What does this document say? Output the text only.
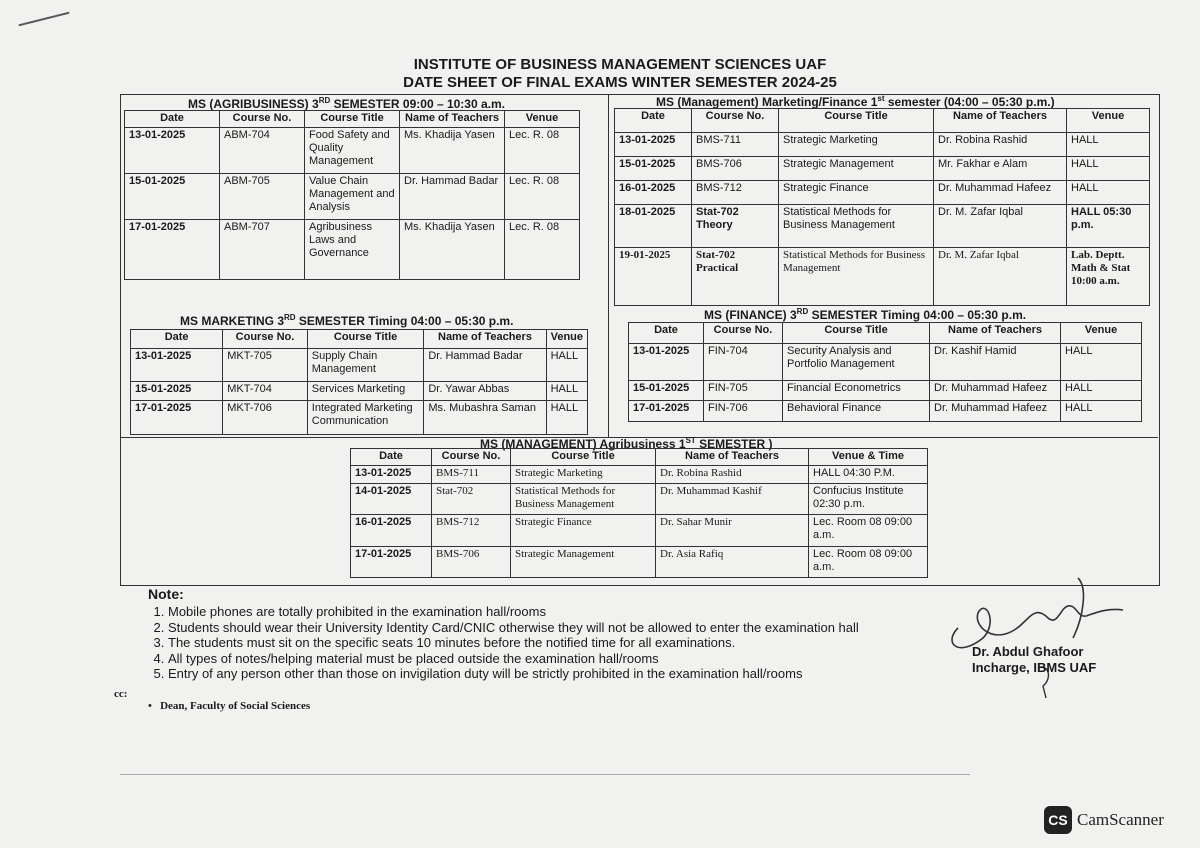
INSTITUTE OF BUSINESS MANAGEMENT SCIENCES UAF
DATE SHEET OF FINAL EXAMS WINTER SEMESTER 2024-25
MS (AGRIBUSINESS) 3RD SEMESTER 09:00 – 10:30 a.m.	MS (Management) Marketing/Finance 1st semester (04:00 – 05:30 p.m.)
MS MARKETING 3RD SEMESTER Timing 04:00 – 05:30 p.m.	MS (FINANCE) 3RD SEMESTER Timing 04:00 – 05:30 p.m.
MS (MANAGEMENT) Agribusiness 1ST SEMESTER )
Date	Course No.	Course Title	Name of Teachers	Venue
13-01-2025	ABM-704	Food Safety and Quality Management	Ms. Khadija Yasen	Lec. R. 08
15-01-2025	ABM-705	Value Chain Management and Analysis	Dr. Hammad Badar	Lec. R. 08
17-01-2025	ABM-707	Agribusiness Laws and Governance	Ms. Khadija Yasen	Lec. R. 08
Date	Course No.	Course Title	Name of Teachers	Venue
13-01-2025	BMS-711	Strategic Marketing	Dr. Robina Rashid	HALL
15-01-2025	BMS-706	Strategic Management	Mr. Fakhar e Alam	HALL
16-01-2025	BMS-712	Strategic Finance	Dr. Muhammad Hafeez	HALL
18-01-2025	Stat-702 Theory	Statistical Methods for Business Management	Dr. M. Zafar Iqbal	HALL 05:30 p.m.
19-01-2025	Stat-702 Practical	Statistical Methods for Business Management	Dr. M. Zafar Iqbal	Lab. Deptt. Math & Stat 10:00 a.m.
Date	Course No.	Course Title	Name of Teachers	Venue
13-01-2025	MKT-705	Supply Chain Management	Dr. Hammad Badar	HALL
15-01-2025	MKT-704	Services Marketing	Dr. Yawar Abbas	HALL
17-01-2025	MKT-706	Integrated Marketing Communication	Ms. Mubashra Saman	HALL
Date	Course No.	Course Title	Name of Teachers	Venue
13-01-2025	FIN-704	Security Analysis and Portfolio Management	Dr. Kashif Hamid	HALL
15-01-2025	FIN-705	Financial Econometrics	Dr. Muhammad Hafeez	HALL
17-01-2025	FIN-706	Behavioral Finance	Dr. Muhammad Hafeez	HALL
Date	Course No.	Course Title	Name of Teachers	Venue & Time
13-01-2025	BMS-711	Strategic Marketing	Dr. Robina Rashid	HALL 04:30 P.M.
14-01-2025	Stat-702	Statistical Methods for Business Management	Dr. Muhammad Kashif	Confucius Institute 02:30 p.m.
16-01-2025	BMS-712	Strategic Finance	Dr. Sahar Munir	Lec. Room 08 09:00 a.m.
17-01-2025	BMS-706	Strategic Management	Dr. Asia Rafiq	Lec. Room 08 09:00 a.m.
Note:
1. Mobile phones are totally prohibited in the examination hall/rooms
2. Students should wear their University Identity Card/CNIC otherwise they will not be allowed to enter the examination hall
3. The students must sit on the specific seats 10 minutes before the notified time for all examinations.
4. All types of notes/helping material must be placed outside the examination hall/rooms
5. Entry of any person other than those on invigilation duty will be strictly prohibited in the examination hall/rooms
cc:
•   Dean, Faculty of Social Sciences
Dr. Abdul Ghafoor
Incharge, IBMS UAF
CS CamScanner
